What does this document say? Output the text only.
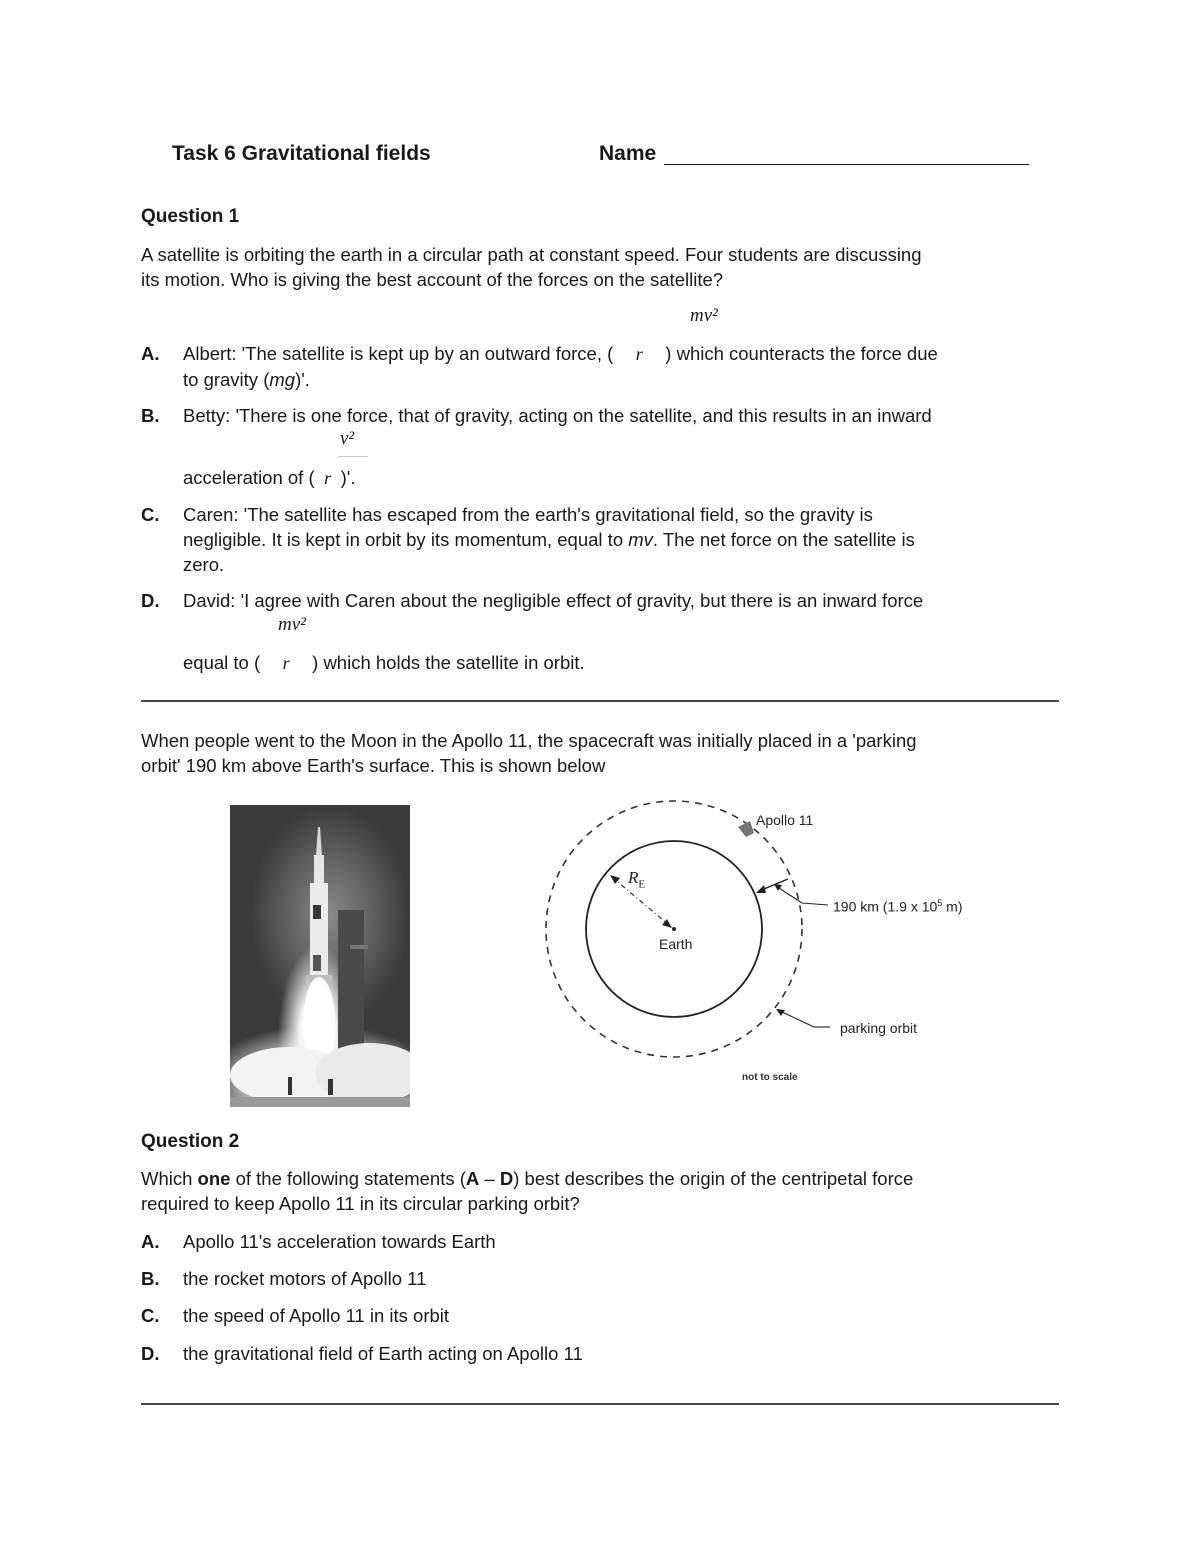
Task 6 Gravitational fields	Name
Question 1
A satellite is orbiting the earth in a circular path at constant speed. Four students are discussing
its motion. Who is giving the best account of the forces on the satellite?
mv²
A. Albert: 'The satellite is kept up by an outward force, ( r ) which counteracts the force due
to gravity (mg)'.
B. Betty: 'There is one force, that of gravity, acting on the satellite, and this results in an inward
v²
acceleration of ( r )'.
C. Caren: 'The satellite has escaped from the earth's gravitational field, so the gravity is
negligible. It is kept in orbit by its momentum, equal to mv. The net force on the satellite is
zero.
D. David: 'I agree with Caren about the negligible effect of gravity, but there is an inward force
mv²
equal to ( r ) which holds the satellite in orbit.
When people went to the Moon in the Apollo 11, the spacecraft was initially placed in a 'parking
orbit' 190 km above Earth's surface. This is shown below
Apollo 11
$R_E$
Earth
190 km (1.9 x $10^5$ m)
parking orbit
not to scale
Question 2
Which one of the following statements (A – D) best describes the origin of the centripetal force
required to keep Apollo 11 in its circular parking orbit?
A. Apollo 11's acceleration towards Earth
B. the rocket motors of Apollo 11
C. the speed of Apollo 11 in its orbit
D. the gravitational field of Earth acting on Apollo 11
